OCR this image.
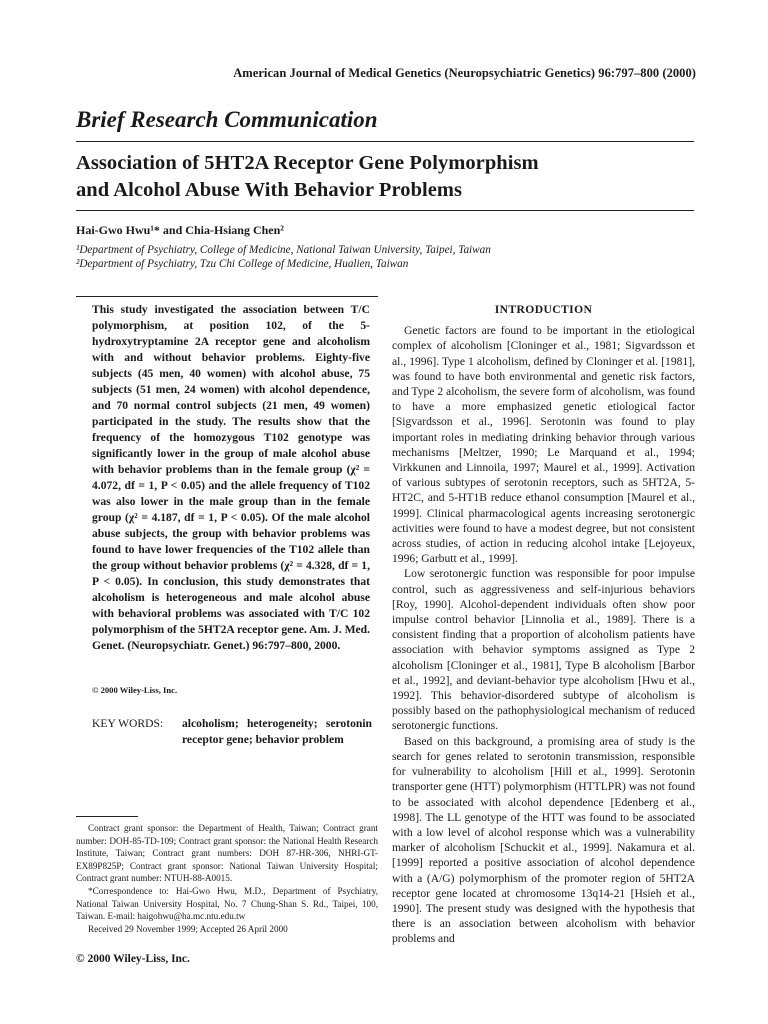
American Journal of Medical Genetics (Neuropsychiatric Genetics) 96:797–800 (2000)
Brief Research Communication
Association of 5HT2A Receptor Gene Polymorphism
and Alcohol Abuse With Behavior Problems
Hai-Gwo Hwu¹* and Chia-Hsiang Chen²
¹Department of Psychiatry, College of Medicine, National Taiwan University, Taipei, Taiwan
²Department of Psychiatry, Tzu Chi College of Medicine, Hualien, Taiwan
This study investigated the association between T/C polymorphism, at position 102, of the 5-hydroxytryptamine 2A receptor gene and alcoholism with and without behavior problems. Eighty-five subjects (45 men, 40 women) with alcohol abuse, 75 subjects (51 men, 24 women) with alcohol dependence, and 70 normal control subjects (21 men, 49 women) participated in the study. The results show that the frequency of the homozygous T102 genotype was significantly lower in the group of male alcohol abuse with behavior problems than in the female group (χ² = 4.072, df = 1, P < 0.05) and the allele frequency of T102 was also lower in the male group than in the female group (χ² = 4.187, df = 1, P < 0.05). Of the male alcohol abuse subjects, the group with behavior problems was found to have lower frequencies of the T102 allele than the group without behavior problems (χ² = 4.328, df = 1, P < 0.05). In conclusion, this study demonstrates that alcoholism is heterogeneous and male alcohol abuse with behavioral problems was associated with T/C 102 polymorphism of the 5HT2A receptor gene. Am. J. Med. Genet. (Neuropsychiatr. Genet.) 96:797–800, 2000.
© 2000 Wiley-Liss, Inc.
KEY WORDS:	alcoholism; heterogeneity; serotonin receptor gene; behavior problem

Contract grant sponsor: the Department of Health, Taiwan; Contract grant number: DOH-85-TD-109; Contract grant sponsor: the National Health Research Institute, Taiwan; Contract grant numbers: DOH 87-HR-306, NHRI-GT-EX89P825P; Contract grant sponsor: National Taiwan University Hospital; Contract grant number: NTUH-88-A0015.

*Correspondence to: Hai-Gwo Hwu, M.D., Department of Psychiatry, National Taiwan University Hospital, No. 7 Chung-Shan S. Rd., Taipei, 100, Taiwan. E-mail: haigohwu@ha.mc.ntu.edu.tw

Received 29 November 1999; Accepted 26 April 2000

© 2000 Wiley-Liss, Inc.
INTRODUCTION

Genetic factors are found to be important in the etiological complex of alcoholism [Cloninger et al., 1981; Sigvardsson et al., 1996]. Type 1 alcoholism, defined by Cloninger et al. [1981], was found to have both environmental and genetic risk factors, and Type 2 alcoholism, the severe form of alcoholism, was found to have a more emphasized genetic etiological factor [Sigvardsson et al., 1996]. Serotonin was found to play important roles in mediating drinking behavior through various mechanisms [Meltzer, 1990; Le Marquand et al., 1994; Virkkunen and Linnoila, 1997; Maurel et al., 1999]. Activation of various subtypes of serotonin receptors, such as 5HT2A, 5-HT2C, and 5-HT1B reduce ethanol consumption [Maurel et al., 1999]. Clinical pharmacological agents increasing serotonergic activities were found to have a modest degree, but not consistent across studies, of action in reducing alcohol intake [Lejoyeux, 1996; Garbutt et al., 1999].

Low serotonergic function was responsible for poor impulse control, such as aggressiveness and self-injurious behaviors [Roy, 1990]. Alcohol-dependent individuals often show poor impulse control behavior [Linnolia et al., 1989]. There is a consistent finding that a proportion of alcoholism patients have association with behavior symptoms assigned as Type 2 alcoholism [Cloninger et al., 1981], Type B alcoholism [Barbor et al., 1992], and deviant-behavior type alcoholism [Hwu et al., 1992]. This behavior-disordered subtype of alcoholism is possibly based on the pathophysiological mechanism of reduced serotonergic functions.

Based on this background, a promising area of study is the search for genes related to serotonin transmission, responsible for vulnerability to alcoholism [Hill et al., 1999]. Serotonin transporter gene (HTT) polymorphism (HTTLPR) was not found to be associated with alcohol dependence [Edenberg et al., 1998]. The LL genotype of the HTT was found to be associated with a low level of alcohol response which was a vulnerability marker of alcoholism [Schuckit et al., 1999]. Nakamura et al. [1999] reported a positive association of alcohol dependence with a (A/G) polymorphism of the promoter region of 5HT2A receptor gene located at chromosome 13q14-21 [Hsieh et al., 1990]. The present study was designed with the hypothesis that there is an association between alcoholism with behavior problems and
